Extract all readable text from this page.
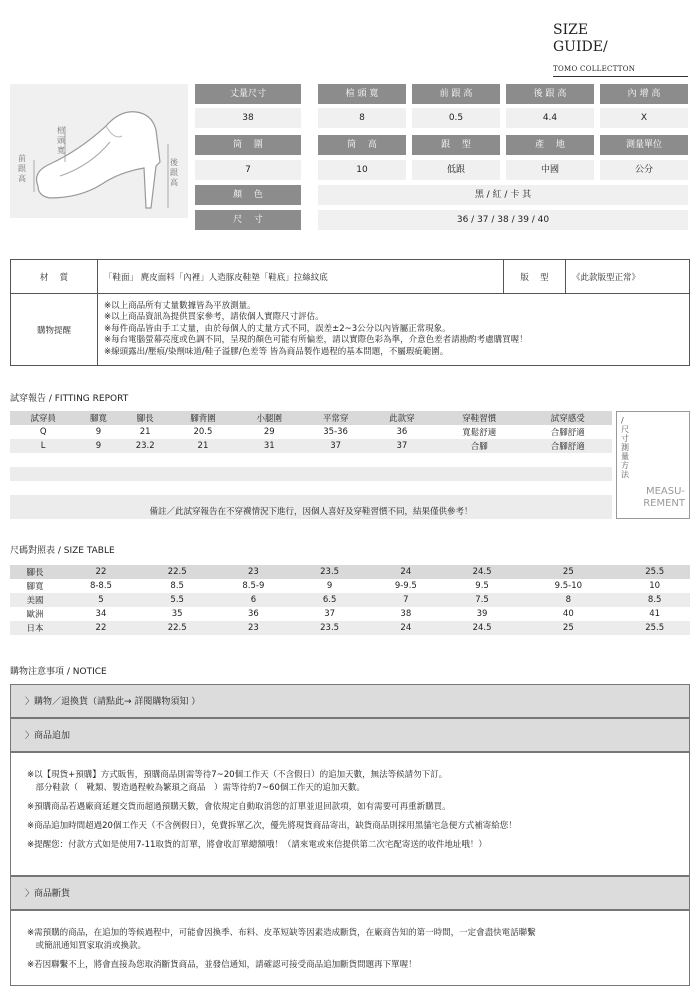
SIZE
GUIDE/
TOMO COLLECTTON
楦頭寬
前跟高
後跟高
丈量尺寸	楦 頭 寬	前 跟 高	後 跟 高	內 增 高
38	8	0.5	4.4	X
筒　 圍	筒　 高	跟　 型	產　 地	測量單位
7	10	低跟	中國	公分
顏　 色	黑 / 紅 / 卡 其
尺　 寸	36 / 37 / 38 / 39 / 40
材　 質	「鞋面」 麂皮面料「內裡」人造豚皮鞋墊「鞋底」拉絲紋底	版　 型	《此款版型正常》
購物提醒	※以上商品所有丈量數據皆為平放測量。
※以上商品資訊為提供買家參考，請依個人實際尺寸評估。
※每件商品皆由手工丈量，由於每個人的丈量方式不同，誤差±2~3公分以內皆屬正常現象。
※每台電腦螢幕亮度或色調不同，呈現的顏色可能有所偏差，請以實際色彩為準，介意色差者請勘酌考慮購買喔！
※線頭露出/壓痕/染劑味道/鞋子溢膠/色差等 皆為商品製作過程的基本問題，不屬瑕疵範圍。		
試穿報告 / FITTING REPORT
試穿員	腳寬	腳長	腳背圍	小腿圍	平常穿	此款穿	穿鞋習慣	試穿感受
Q	9	21	20.5	29	35-36	36	寬鬆舒適	合腳舒適
L	9	23.2	21	31	37	37	合腳	合腳舒適

備註／此試穿報告在不穿襪情況下進行，因個人喜好及穿鞋習慣不同，結果僅供參考！
/尺寸測量方法
MEASU-
REMENT
尺碼對照表 / SIZE TABLE
腳長	22	22.5	23	23.5	24	24.5	25	25.5
腳寬	8-8.5	8.5	8.5-9	9	9-9.5	9.5	9.5-10	10
美國	5	5.5	6	6.5	7	7.5	8	8.5
歐洲	34	35	36	37	38	39	40	41
日本	22	22.5	23	23.5	24	24.5	25	25.5
購物注意事項 / NOTICE
〉購物／退換貨（請點此→ 詳閱購物須知 ）
〉商品追加

※以【現貨+預購】方式販售，預購商品則需等待7~20個工作天（不含假日）的追加天數，無法等候請勿下訂。

　部分鞋款（　靴類、製造過程較為繁瑣之商品　）需等待約7~60個工作天的追加天數。

※預購商品若遇廠商延遲交貨而超過預購天數，會依規定自動取消您的訂單並退回款項，如有需要可再重新購買。

※商品追加時間超過20個工作天（不含例假日），免費拆單乙次，優先將現貨商品寄出，缺貨商品則採用黑貓宅急便方式補寄給您！

※提醒您：付款方式如是使用7-11取貨的訂單，將會收訂單總額哦！（請來電或來信提供第二次宅配寄送的收件地址哦！）

〉商品斷貨

※需預購的商品，在追加的等候過程中，可能會因換季、布料、皮革短缺等因素造成斷貨，在廠商告知的第一時間，一定會盡快電話聯繫

　或簡訊通知買家取消或換款。

※若因聯繫不上，將會直接為您取消斷貨商品，並發信通知，請確認可接受商品追加斷貨問題再下單喔！
